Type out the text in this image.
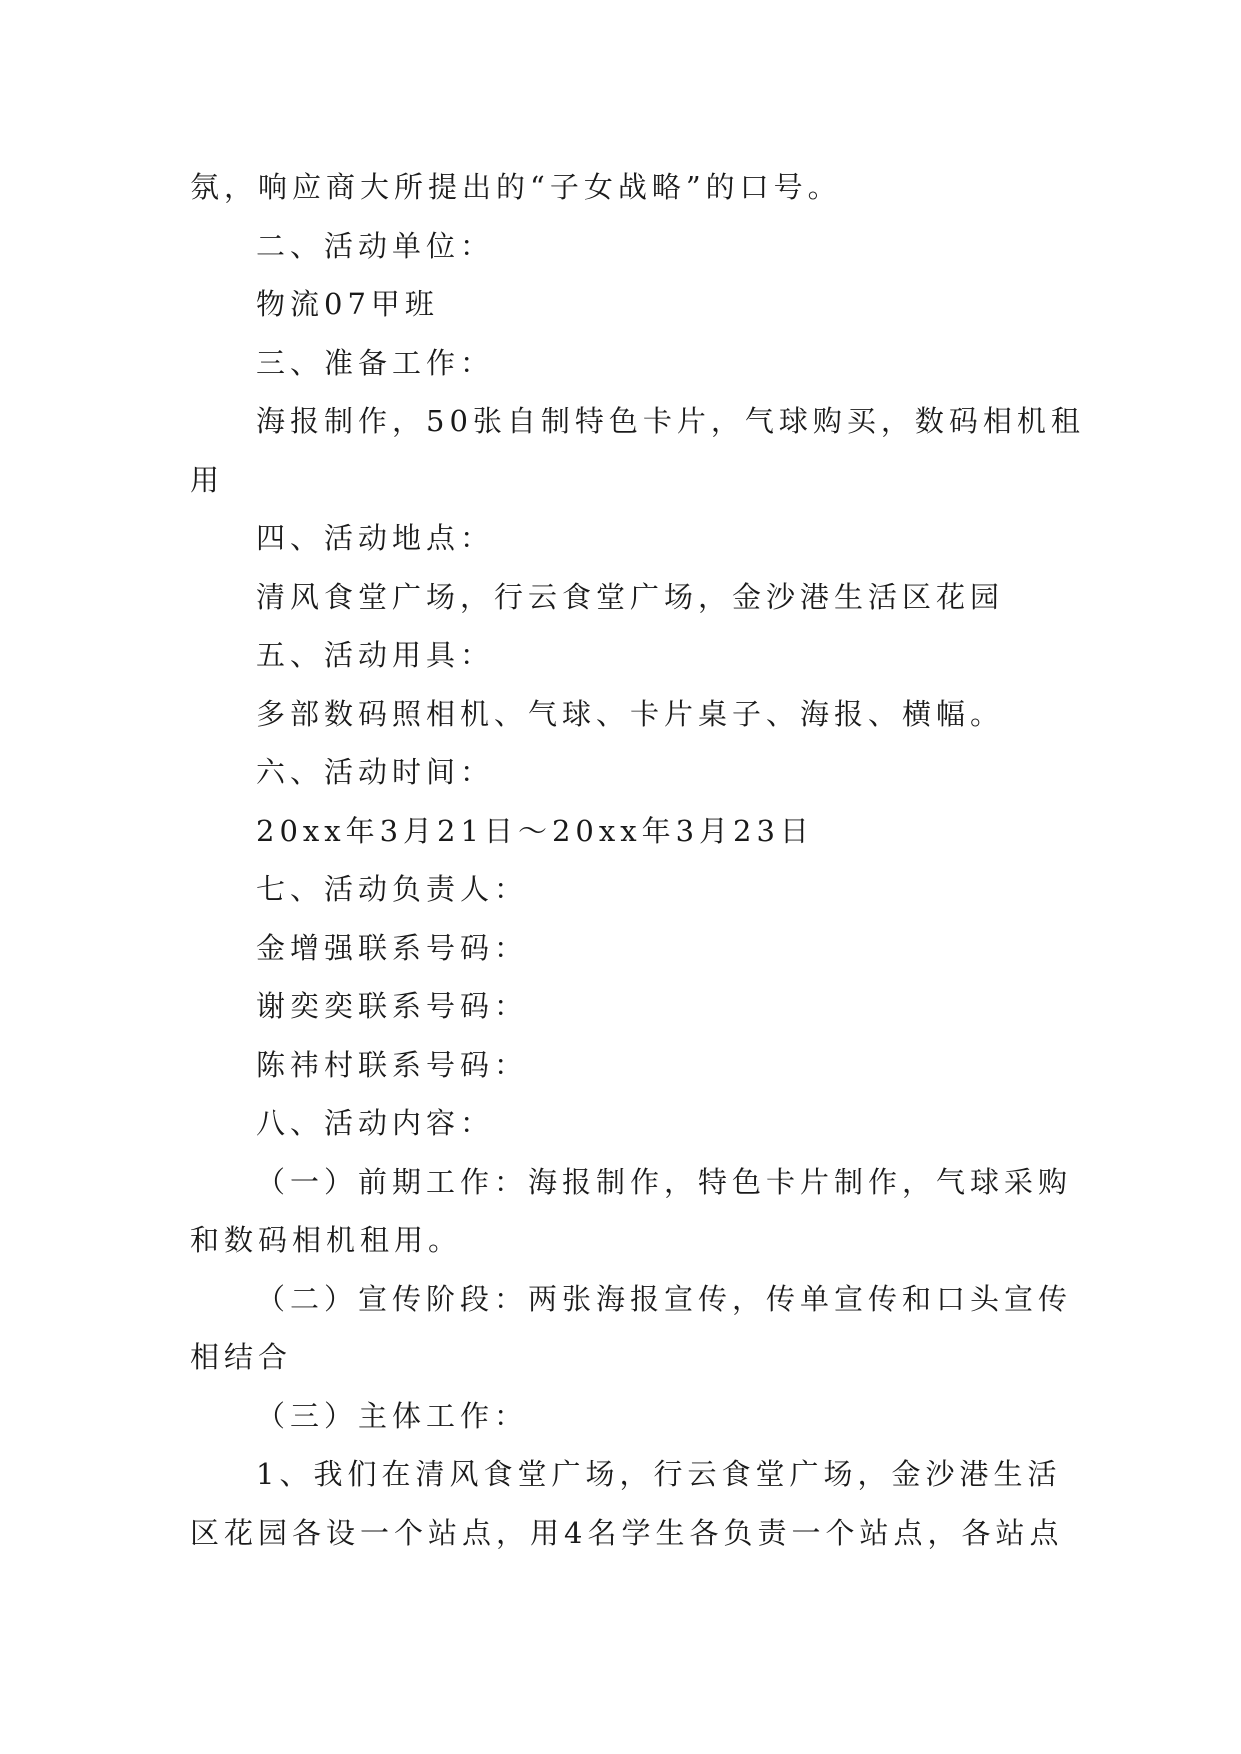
氛，响应商大所提出的“子女战略”的口号。
二、活动单位：
物流07甲班
三、准备工作：
海报制作，50张自制特色卡片，气球购买，数码相机租
用
四、活动地点：
清风食堂广场，行云食堂广场，金沙港生活区花园
五、活动用具：
多部数码照相机、气球、卡片桌子、海报、横幅。
六、活动时间：
20xx年3月21日～20xx年3月23日
七、活动负责人：
金增强联系号码：
谢奕奕联系号码：
陈祎村联系号码：
八、活动内容：
（一）前期工作：海报制作，特色卡片制作，气球采购
和数码相机租用。
（二）宣传阶段：两张海报宣传，传单宣传和口头宣传
相结合
（三）主体工作：
1、我们在清风食堂广场，行云食堂广场，金沙港生活
区花园各设一个站点，用4名学生各负责一个站点，各站点
